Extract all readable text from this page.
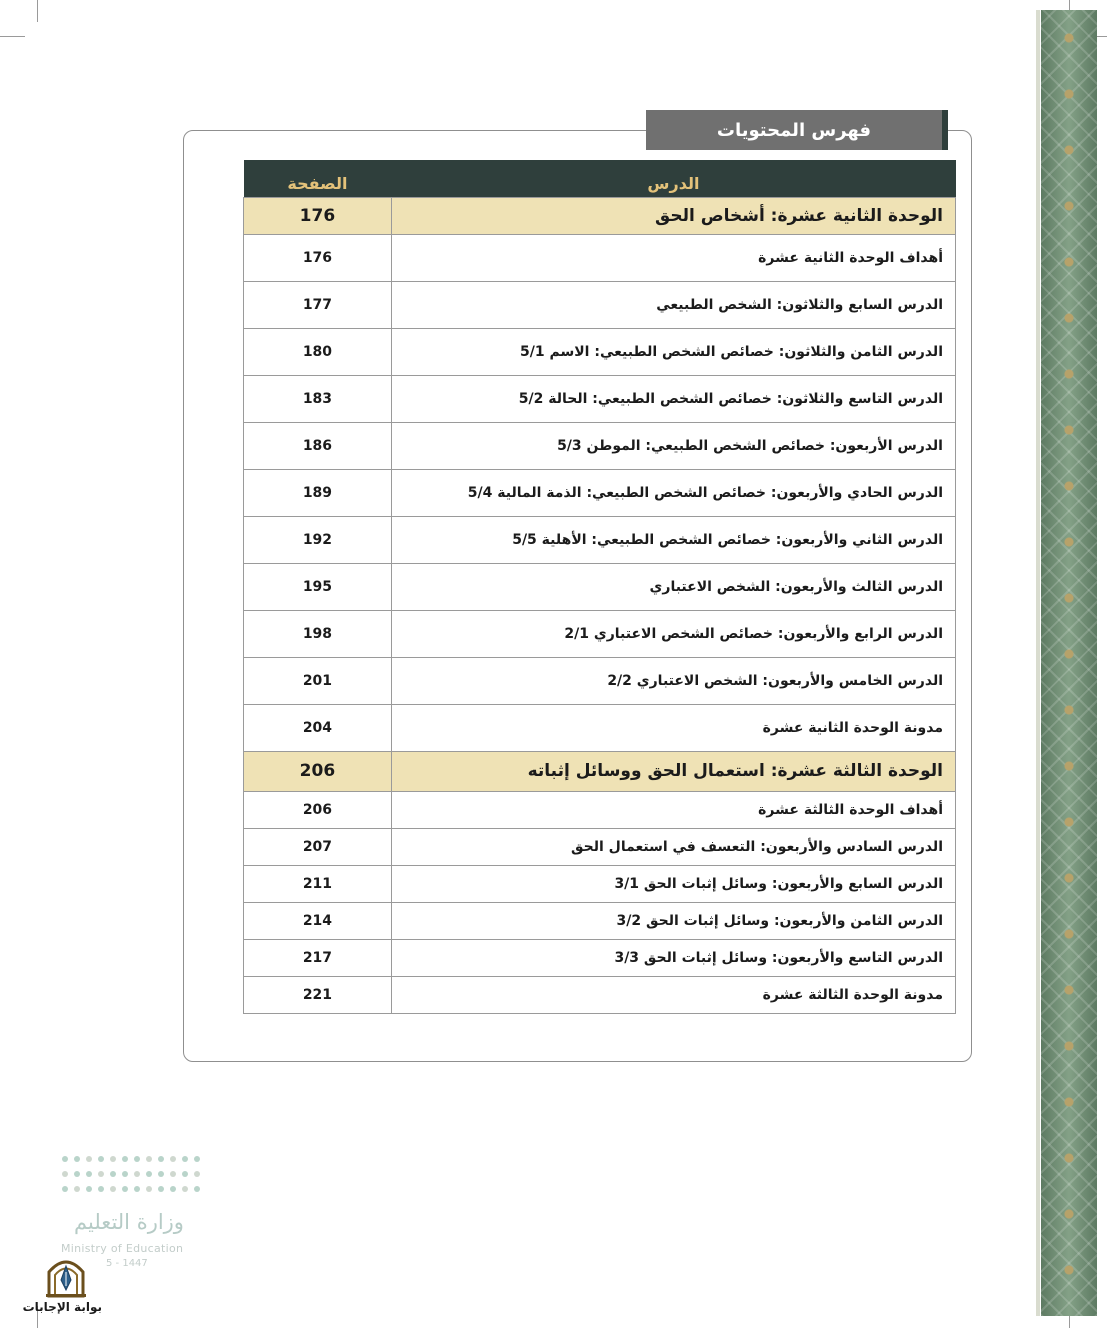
فهرس المحتويات
الدرس	الصفحة
الوحدة الثانية عشرة: أشخاص الحق	176
أهداف الوحدة الثانية عشرة	176
الدرس السابع والثلاثون: الشخص الطبيعي	177
الدرس الثامن والثلاثون: خصائص الشخص الطبيعي: الاسم 5/1	180
الدرس التاسع والثلاثون: خصائص الشخص الطبيعي: الحالة 5/2	183
الدرس الأربعون: خصائص الشخص الطبيعي: الموطن 5/3	186
الدرس الحادي والأربعون: خصائص الشخص الطبيعي: الذمة المالية 5/4	189
الدرس الثاني والأربعون: خصائص الشخص الطبيعي: الأهلية 5/5	192
الدرس الثالث والأربعون: الشخص الاعتباري	195
الدرس الرابع والأربعون: خصائص الشخص الاعتباري 2/1	198
الدرس الخامس والأربعون: الشخص الاعتباري 2/2	201
مدونة الوحدة الثانية عشرة	204
الوحدة الثالثة عشرة: استعمال الحق ووسائل إثباته	206
أهداف الوحدة الثالثة عشرة	206
الدرس السادس والأربعون: التعسف في استعمال الحق	207
الدرس السابع والأربعون: وسائل إثبات الحق 3/1	211
الدرس الثامن والأربعون: وسائل إثبات الحق 3/2	214
الدرس التاسع والأربعون: وسائل إثبات الحق 3/3	217
مدونة الوحدة الثالثة عشرة	221
وزارة التعليم
Ministry of Education
5 - 1447
بوابة الإجابات
